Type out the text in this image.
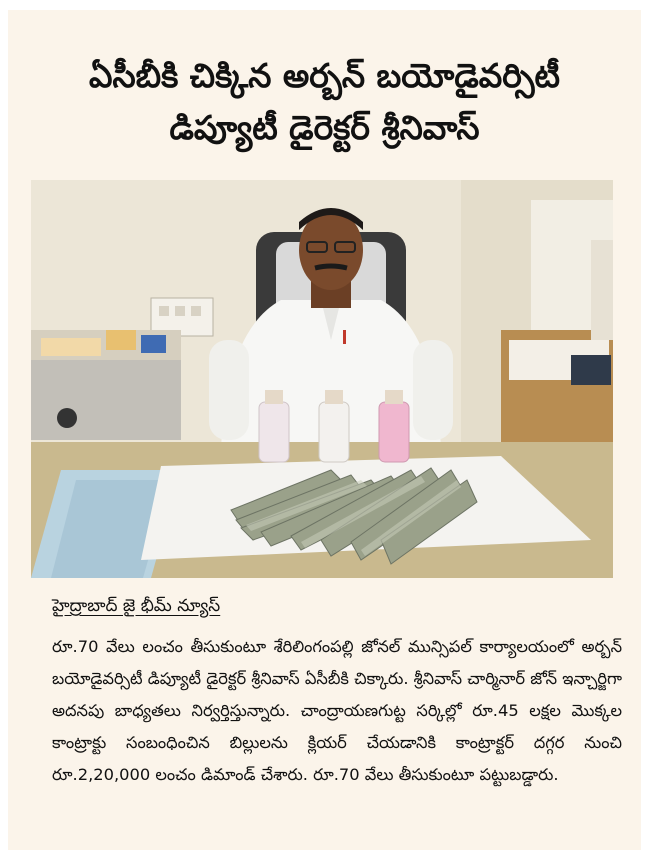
ఏసీబీకి చిక్కిన అర్బన్ బయోడైవర్సిటీ
డిప్యూటీ డైరెక్టర్ శ్రీనివాస్
హైద్రాబాద్ జై భీమ్ న్యూస్
రూ.70 వేలు లంచం తీసుకుంటూ శేరిలింగంపల్లి జోనల్ మున్సిపల్ కార్యాలయంలో అర్బన్ బయోడైవర్సిటీ డిప్యూటీ డైరెక్టర్ శ్రీనివాస్ ఏసీబీకి చిక్కారు. శ్రీనివాస్ చార్మినార్ జోన్ ఇన్చార్జిగా అదనపు బాధ్యతలు నిర్వర్తిస్తున్నారు. చాంద్రాయణగుట్ట సర్కిల్లో రూ.45 లక్షల మొక్కల కాంట్రాక్టు సంబంధించిన బిల్లులను క్లియర్ చేయడానికి కాంట్రాక్టర్ దగ్గర నుంచి రూ.2,20,000 లంచం డిమాండ్ చేశారు. రూ.70 వేలు తీసుకుంటూ పట్టుబడ్డారు.
